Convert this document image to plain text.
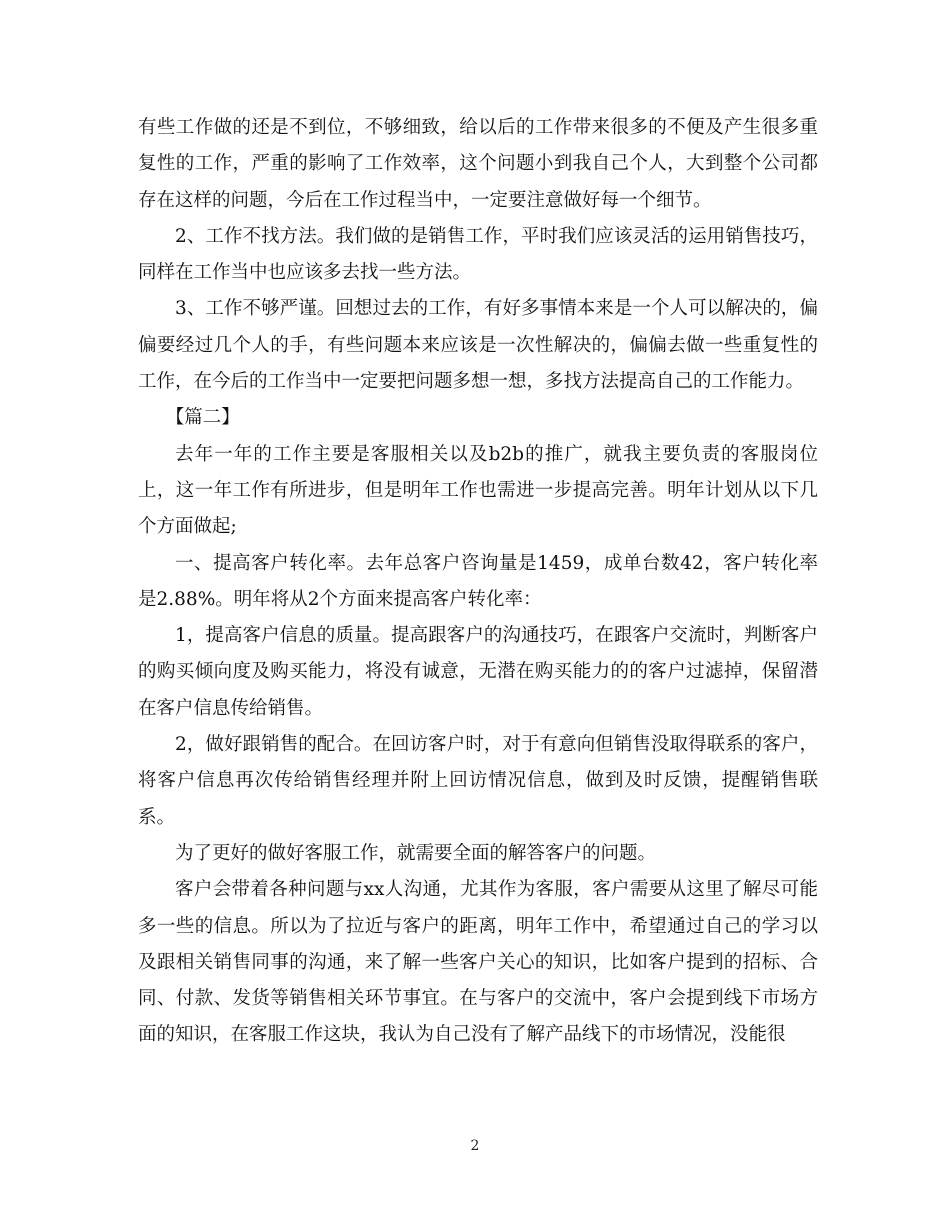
有些工作做的还是不到位，不够细致，给以后的工作带来很多的不便及产生很多重复性的工作，严重的影响了工作效率，这个问题小到我自己个人，大到整个公司都存在这样的问题，今后在工作过程当中，一定要注意做好每一个细节。

2、工作不找方法。我们做的是销售工作，平时我们应该灵活的运用销售技巧，同样在工作当中也应该多去找一些方法。

3、工作不够严谨。回想过去的工作，有好多事情本来是一个人可以解决的，偏偏要经过几个人的手，有些问题本来应该是一次性解决的，偏偏去做一些重复性的工作，在今后的工作当中一定要把问题多想一想，多找方法提高自己的工作能力。

【篇二】

去年一年的工作主要是客服相关以及b2b的推广，就我主要负责的客服岗位上，这一年工作有所进步，但是明年工作也需进一步提高完善。明年计划从以下几个方面做起;

一、提高客户转化率。去年总客户咨询量是1459，成单台数42，客户转化率是2.88%。明年将从2个方面来提高客户转化率：

1，提高客户信息的质量。提高跟客户的沟通技巧，在跟客户交流时，判断客户的购买倾向度及购买能力，将没有诚意，无潜在购买能力的的客户过滤掉，保留潜在客户信息传给销售。

2，做好跟销售的配合。在回访客户时，对于有意向但销售没取得联系的客户，将客户信息再次传给销售经理并附上回访情况信息，做到及时反馈，提醒销售联系。

为了更好的做好客服工作，就需要全面的解答客户的问题。

客户会带着各种问题与xx人沟通，尤其作为客服，客户需要从这里了解尽可能多一些的信息。所以为了拉近与客户的距离，明年工作中，希望通过自己的学习以及跟相关销售同事的沟通，来了解一些客户关心的知识，比如客户提到的招标、合同、付款、发货等销售相关环节事宜。在与客户的交流中，客户会提到线下市场方面的知识，在客服工作这块，我认为自己没有了解产品线下的市场情况，没能很

2
